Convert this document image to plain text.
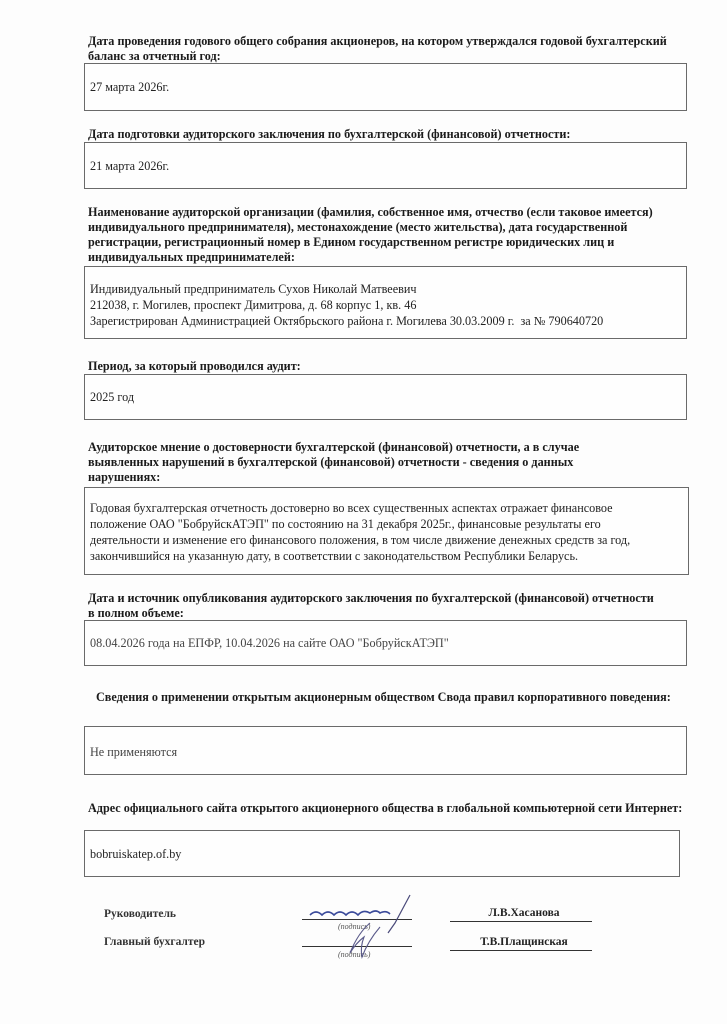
Дата проведения годового общего собрания акционеров, на котором утверждался годовой бухгалтерский баланс за отчетный год:
27 марта 2026г.
Дата подготовки аудиторского заключения по бухгалтерской (финансовой) отчетности:
21 марта 2026г.
Наименование аудиторской организации (фамилия, собственное имя, отчество (если таковое имеется) индивидуального предпринимателя), местонахождение (место жительства), дата государственной регистрации, регистрационный номер в Едином государственном регистре юридических лиц и индивидуальных предпринимателей:
Индивидуальный предприниматель Сухов Николай Матвеевич
212038, г. Могилев, проспект Димитрова, д. 68 корпус 1, кв. 46
Зарегистрирован Администрацией Октябрьского района г. Могилева 30.03.2009 г.  за № 790640720
Период, за который проводился аудит:
2025 год
Аудиторское мнение о достоверности бухгалтерской (финансовой) отчетности, а в случае выявленных нарушений в бухгалтерской (финансовой) отчетности - сведения о данных нарушениях:
Годовая бухгалтерская отчетность достоверно во всех существенных аспектах отражает финансовое
положение ОАО "БобруйскАТЭП" по состоянию на 31 декабря 2025г., финансовые результаты его
деятельности и изменение его финансового положения, в том числе движение денежных средств за год,
закончившийся на указанную дату, в соответствии с законодательством Республики Беларусь.
Дата и источник опубликования аудиторского заключения по бухгалтерской (финансовой) отчетности в полном объеме:
08.04.2026 года на ЕПФР, 10.04.2026 на сайте ОАО "БобруйскАТЭП"
Сведения о применении открытым акционерным обществом Свода правил корпоративного поведения:
Не применяются
Адрес официального сайта открытого акционерного общества в глобальной компьютерной сети Интернет:
bobruiskatep.of.by
Руководитель
Главный бухгалтер
(подпись)
(подпись)
Л.В.Хасанова
Т.В.Плащинская
